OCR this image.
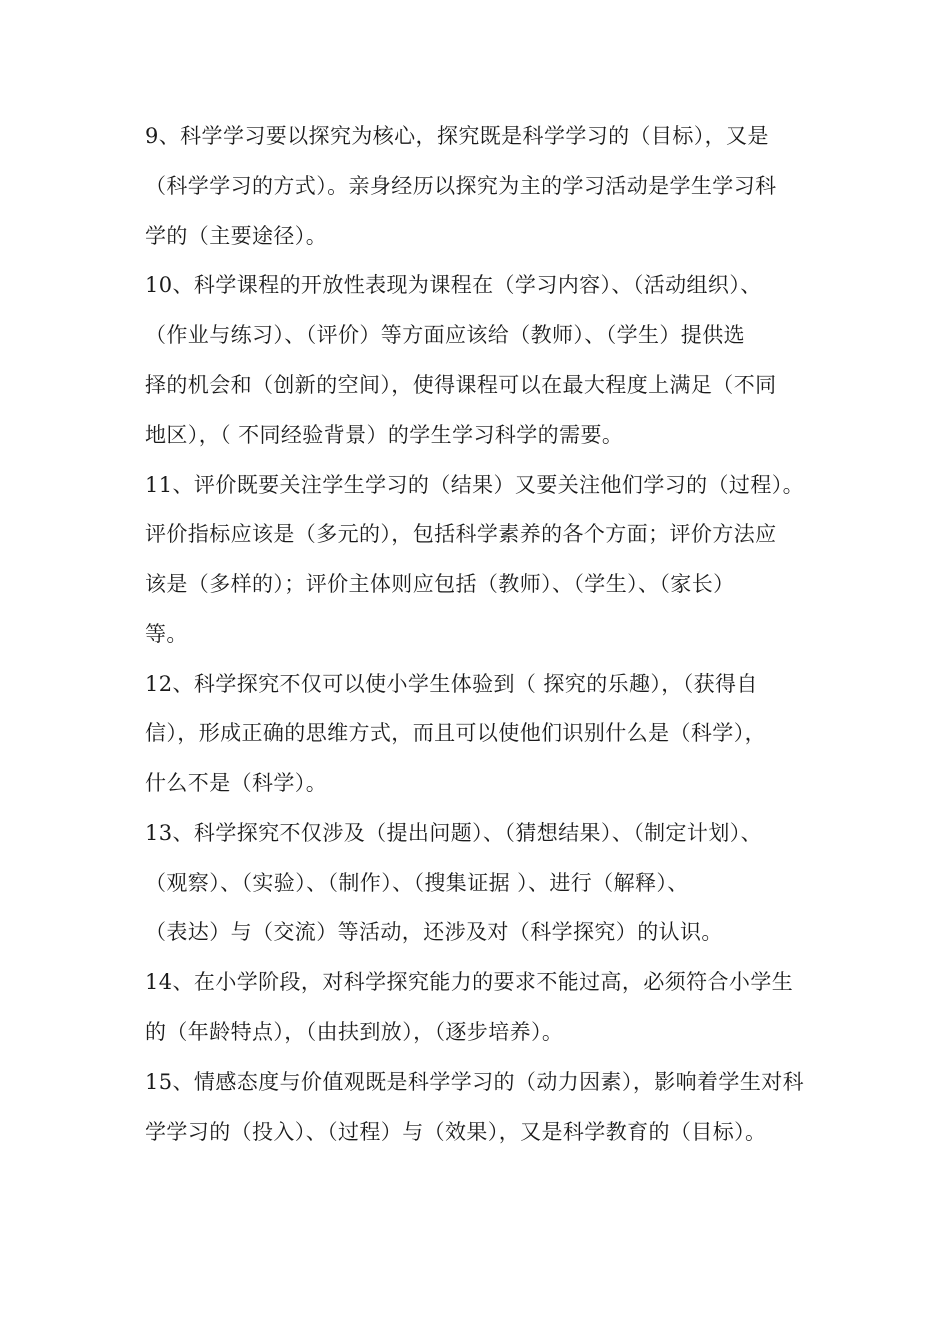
9、科学学习要以探究为核心，探究既是科学学习的（目标），又是
（科学学习的方式）。亲身经历以探究为主的学习活动是学生学习科
学的（主要途径）。
10、科学课程的开放性表现为课程在（学习内容）、（活动组织）、
（作业与练习）、（评价）等方面应该给（教师）、（学生）提供选
择的机会和（创新的空间），使得课程可以在最大程度上满足（不同
地区），（ 不同经验背景）的学生学习科学的需要。
11、评价既要关注学生学习的（结果）又要关注他们学习的（过程）。
评价指标应该是（多元的），包括科学素养的各个方面；评价方法应
该是（多样的）；评价主体则应包括（教师）、（学生）、（家长）
等。
12、科学探究不仅可以使小学生体验到（ 探究的乐趣），（获得自
信），形成正确的思维方式，而且可以使他们识别什么是（科学），
什么不是（科学）。
13、科学探究不仅涉及（提出问题）、（猜想结果）、（制定计划）、
（观察）、（实验）、（制作）、（搜集证据 ）、进行（解释）、
（表达）与（交流）等活动，还涉及对（科学探究）的认识。
14、在小学阶段，对科学探究能力的要求不能过高，必须符合小学生
的（年龄特点），（由扶到放），（逐步培养）。
15、情感态度与价值观既是科学学习的（动力因素），影响着学生对科
学学习的（投入）、（过程）与（效果），又是科学教育的（目标）。
